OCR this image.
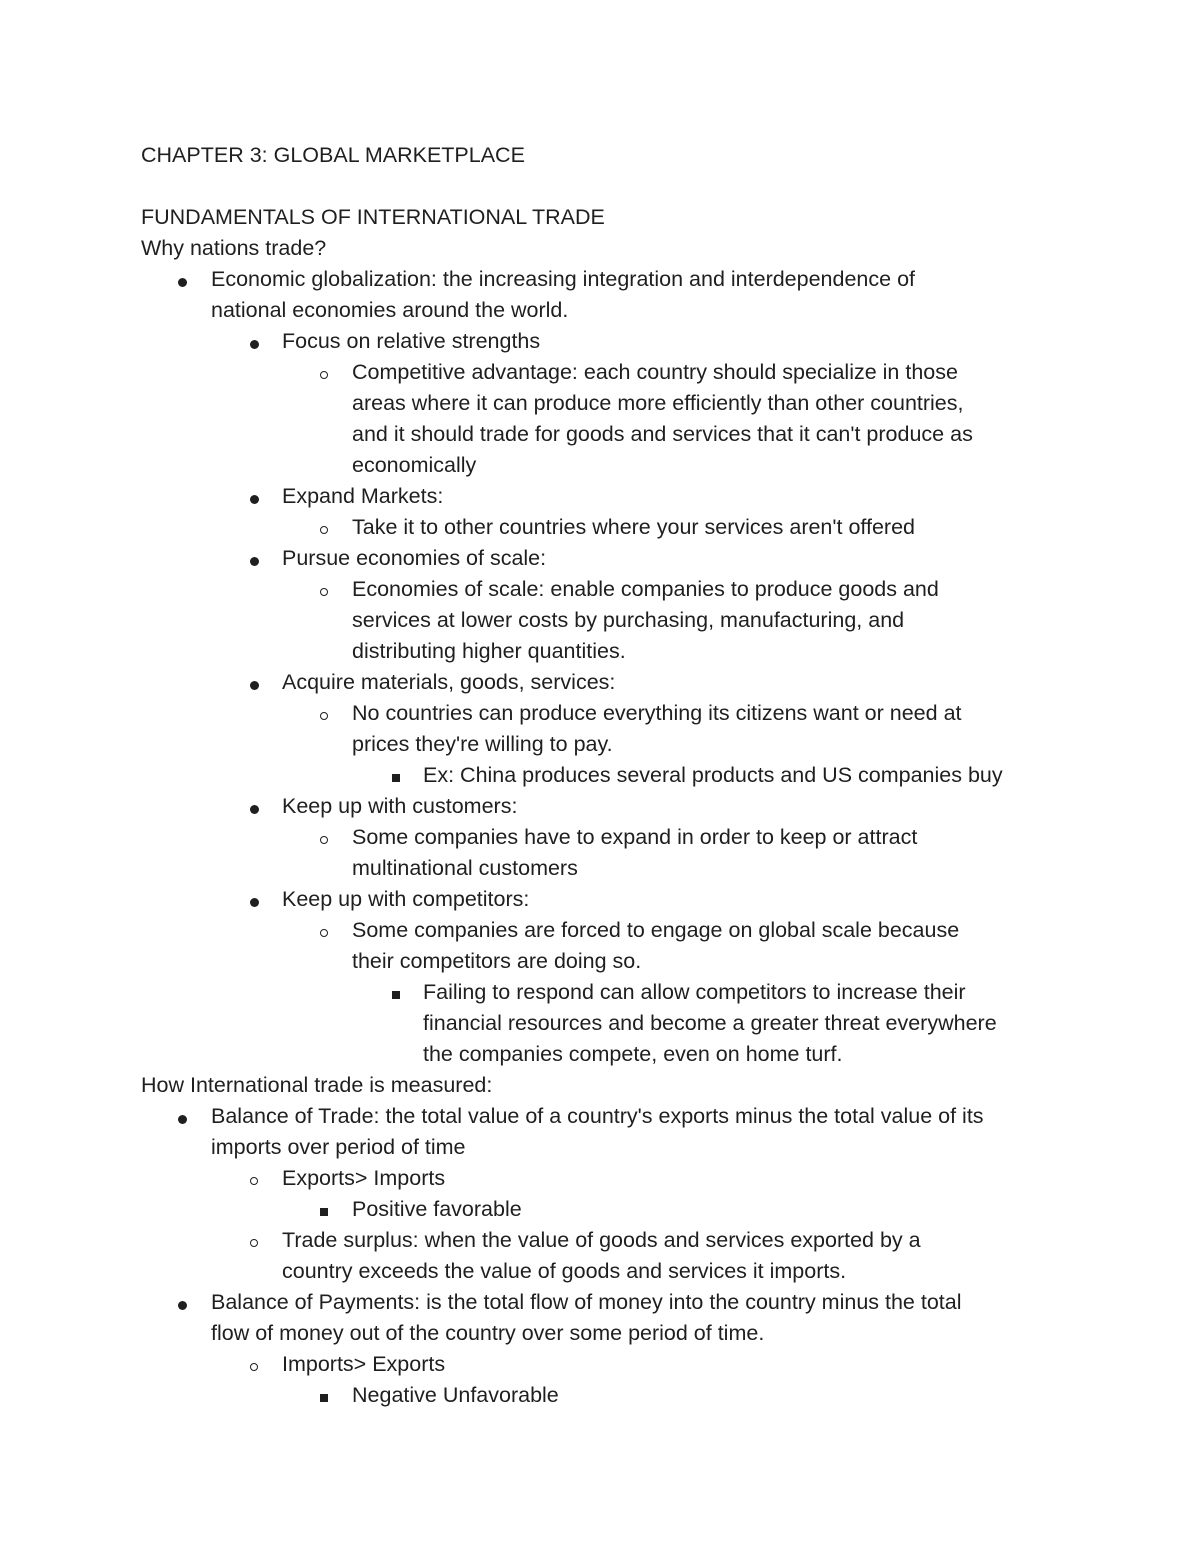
CHAPTER 3: GLOBAL MARKETPLACE
FUNDAMENTALS OF INTERNATIONAL TRADE
Why nations trade?
Economic globalization: the increasing integration and interdependence of
national economies around the world.
Focus on relative strengths
Competitive advantage: each country should specialize in those
areas where it can produce more efficiently than other countries,
and it should trade for goods and services that it can't produce as
economically
Expand Markets:
Take it to other countries where your services aren't offered
Pursue economies of scale:
Economies of scale: enable companies to produce goods and
services at lower costs by purchasing, manufacturing, and
distributing higher quantities.
Acquire materials, goods, services:
No countries can produce everything its citizens want or need at
prices they're willing to pay.
Ex: China produces several products and US companies buy
Keep up with customers:
Some companies have to expand in order to keep or attract
multinational customers
Keep up with competitors:
Some companies are forced to engage on global scale because
their competitors are doing so.
Failing to respond can allow competitors to increase their
financial resources and become a greater threat everywhere
the companies compete, even on home turf.
How International trade is measured:
Balance of Trade: the total value of a country's exports minus the total value of its
imports over period of time
Exports> Imports
Positive favorable
Trade surplus: when the value of goods and services exported by a
country exceeds the value of goods and services it imports.
Balance of Payments: is the total flow of money into the country minus the total
flow of money out of the country over some period of time.
Imports> Exports
Negative Unfavorable
